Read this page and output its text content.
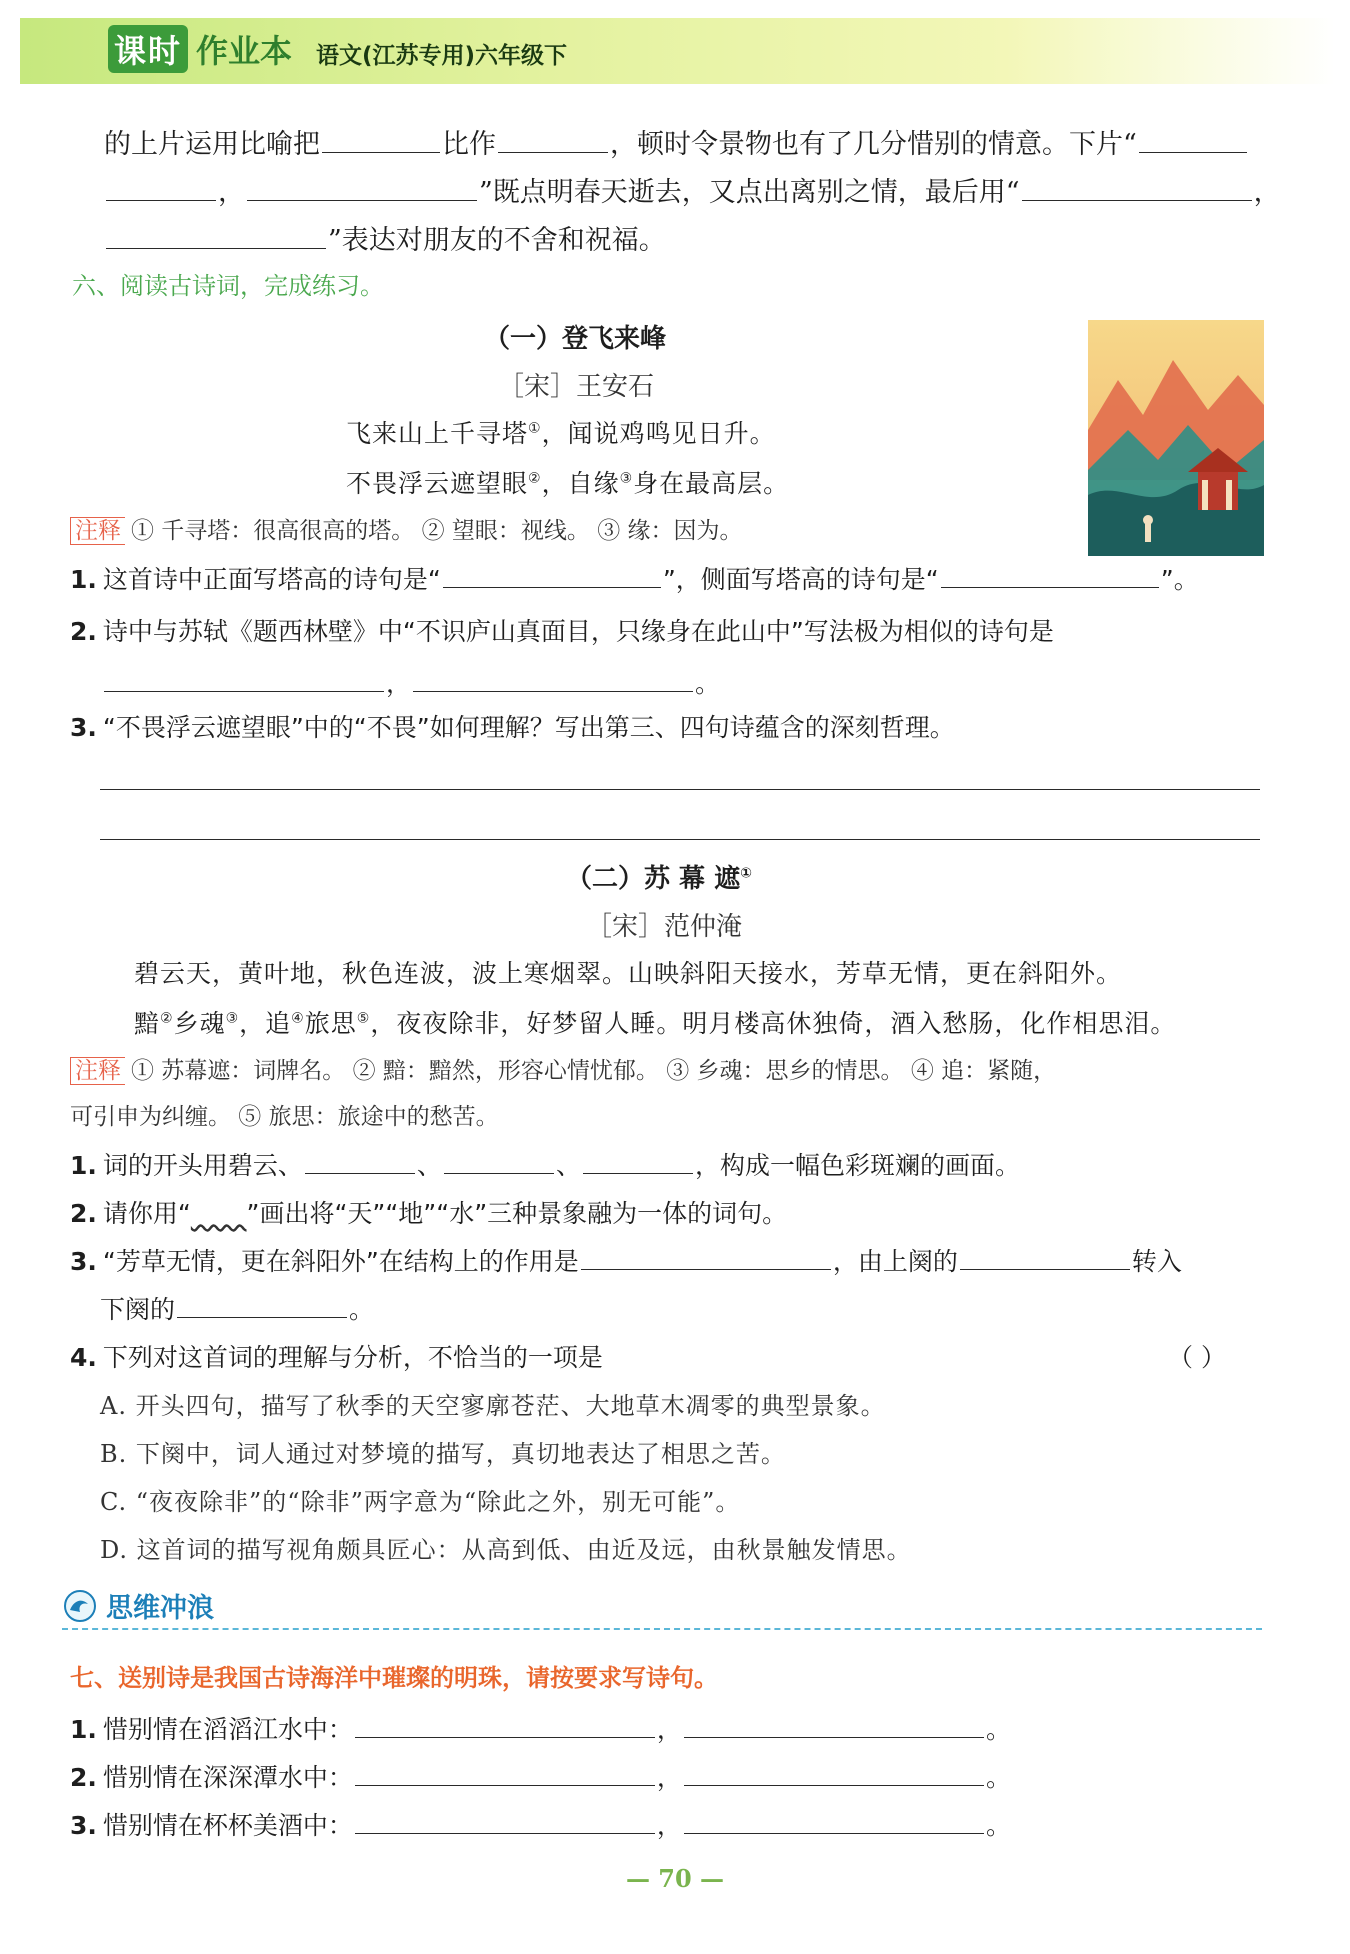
课时 作业本 语文(江苏专用)六年级下
的上片运用比喻把	比作	，顿时令景物也有了几分惜别的情意。下片“
，	”既点明春天逝去，又点出离别之情，最后用“	，
”表达对朋友的不舍和祝福。
六、阅读古诗词，完成练习。
（一）登飞来峰
［宋］王安石
飞来山上千寻塔①，闻说鸡鸣见日升。
不畏浮云遮望眼②，自缘③身在最高层。
注释 ① 千寻塔：很高很高的塔。 ② 望眼：视线。 ③ 缘：因为。
1. 这首诗中正面写塔高的诗句是“	”，侧面写塔高的诗句是“	”。
2. 诗中与苏轼《题西林壁》中“不识庐山真面目，只缘身在此山中”写法极为相似的诗句是
，	。
3. “不畏浮云遮望眼”中的“不畏”如何理解？写出第三、四句诗蕴含的深刻哲理。
（二）苏 幕 遮①
［宋］范仲淹
碧云天，黄叶地，秋色连波，波上寒烟翠。山映斜阳天接水，芳草无情，更在斜阳外。
黯②乡魂③，追④旅思⑤，夜夜除非，好梦留人睡。明月楼高休独倚，酒入愁肠，化作相思泪。
注释 ① 苏幕遮：词牌名。 ② 黯：黯然，形容心情忧郁。 ③ 乡魂：思乡的情思。 ④ 追：紧随，
可引申为纠缠。 ⑤ 旅思：旅途中的愁苦。
1. 词的开头用碧云、	、	、	，构成一幅色彩斑斓的画面。
2. 请你用“ ”画出将“天”“地”“水”三种景象融为一体的词句。
3. “芳草无情，更在斜阳外”在结构上的作用是	，由上阕的	转入
下阕的	。
4. 下列对这首词的理解与分析，不恰当的一项是	（ ）
A. 开头四句，描写了秋季的天空寥廓苍茫、大地草木凋零的典型景象。
B. 下阕中，词人通过对梦境的描写，真切地表达了相思之苦。
C. “夜夜除非”的“除非”两字意为“除此之外，别无可能”。
D. 这首词的描写视角颇具匠心：从高到低、由近及远，由秋景触发情思。
思维冲浪
七、送别诗是我国古诗海洋中璀璨的明珠，请按要求写诗句。
1. 惜别情在滔滔江水中：	，	。
2. 惜别情在深深潭水中：	，	。
3. 惜别情在杯杯美酒中：	，	。
— 70 —
